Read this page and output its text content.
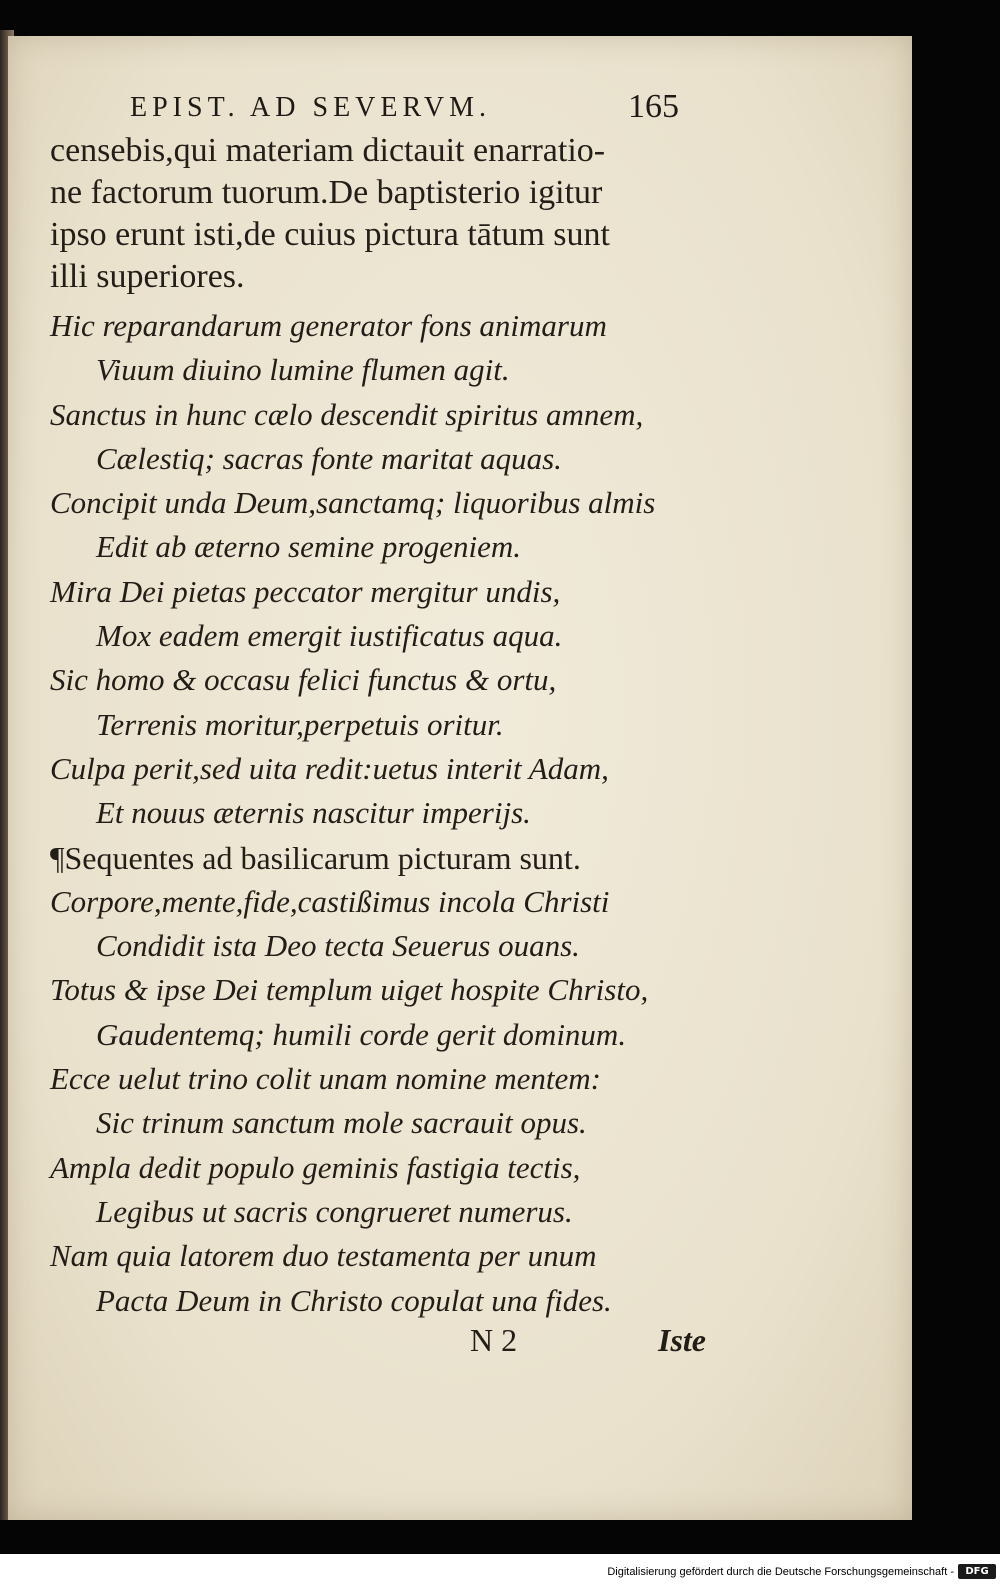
EPIST. AD SEVERVM.	165
censebis,qui materiam dictauit enarratio-
ne factorum tuorum.De baptisterio igitur
ipso erunt isti,de cuius pictura tātum sunt
illi superiores.
Hic reparandarum generator fons animarum
Viuum diuino lumine flumen agit.
Sanctus in hunc cælo descendit spiritus amnem,
Cælestiq; sacras fonte maritat aquas.
Concipit unda Deum,sanctamq; liquoribus almis
Edit ab æterno semine progeniem.
Mira Dei pietas peccator mergitur undis,
Mox eadem emergit iustificatus aqua.
Sic homo & occasu felici functus & ortu,
Terrenis moritur,perpetuis oritur.
Culpa perit,sed uita redit:uetus interit Adam,
Et nouus æternis nascitur imperijs.
¶Sequentes ad basilicarum picturam sunt.
Corpore,mente,fide,castißimus incola Christi
Condidit ista Deo tecta Seuerus ouans.
Totus & ipse Dei templum uiget hospite Christo,
Gaudentemq; humili corde gerit dominum.
Ecce uelut trino colit unam nomine mentem:
Sic trinum sanctum mole sacrauit opus.
Ampla dedit populo geminis fastigia tectis,
Legibus ut sacris congrueret numerus.
Nam quia latorem duo testamenta per unum
Pacta Deum in Christo copulat una fides.
N 2	Iste
Digitalisierung gefördert durch die Deutsche Forschungsgemeinschaft -	DFG
